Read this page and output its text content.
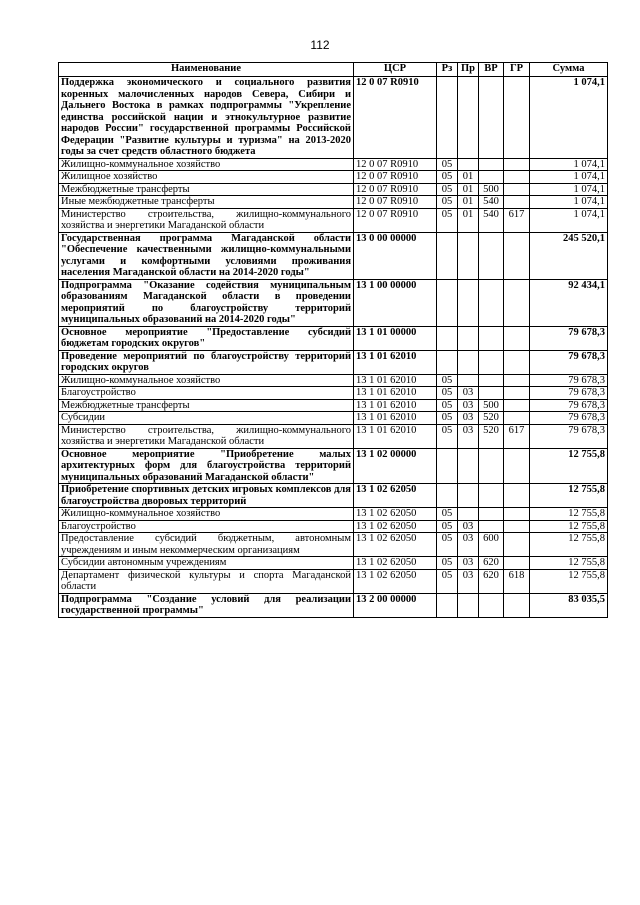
112
Наименование	ЦСР	Рз	Пр	ВР	ГР	Сумма
Поддержка экономического и социального развития коренных малочисленных народов Севера, Сибири и Дальнего Востока в рамках подпрограммы "Укрепление единства российской нации и этнокультурное развитие народов России" государственной программы Российской Федерации "Развитие культуры и туризма" на 2013-2020 годы за счет средств областного бюджета	12 0 07 R0910					1 074,1
Жилищно-коммунальное хозяйство	12 0 07 R0910	05				1 074,1
Жилищное хозяйство	12 0 07 R0910	05	01			1 074,1
Межбюджетные трансферты	12 0 07 R0910	05	01	500		1 074,1
Иные межбюджетные трансферты	12 0 07 R0910	05	01	540		1 074,1
Министерство строительства, жилищно-коммунального хозяйства и энергетики Магаданской области	12 0 07 R0910	05	01	540	617	1 074,1
Государственная программа Магаданской области "Обеспечение качественными жилищно-коммунальными услугами и комфортными условиями проживания населения Магаданской области на 2014-2020 годы"	13 0 00 00000					245 520,1
Подпрограмма "Оказание содействия муниципальным образованиям Магаданской области в проведении мероприятий по благоустройству территорий муниципальных образований на 2014-2020 годы"	13 1 00 00000					92 434,1
Основное мероприятие "Предоставление субсидий бюджетам городских округов"	13 1 01 00000					79 678,3
Проведение мероприятий по благоустройству территорий городских округов	13 1 01 62010					79 678,3
Жилищно-коммунальное хозяйство	13 1 01 62010	05				79 678,3
Благоустройство	13 1 01 62010	05	03			79 678,3
Межбюджетные трансферты	13 1 01 62010	05	03	500		79 678,3
Субсидии	13 1 01 62010	05	03	520		79 678,3
Министерство строительства, жилищно-коммунального хозяйства и энергетики Магаданской области	13 1 01 62010	05	03	520	617	79 678,3
Основное мероприятие "Приобретение малых архитектурных форм для благоустройства территорий муниципальных образований Магаданской области"	13 1 02 00000					12 755,8
Приобретение спортивных детских игровых комплексов для благоустройства дворовых территорий	13 1 02 62050					12 755,8
Жилищно-коммунальное хозяйство	13 1 02 62050	05				12 755,8
Благоустройство	13 1 02 62050	05	03			12 755,8
Предоставление субсидий бюджетным, автономным учреждениям и иным некоммерческим организациям	13 1 02 62050	05	03	600		12 755,8
Субсидии автономным учреждениям	13 1 02 62050	05	03	620		12 755,8
Департамент физической культуры и спорта Магаданской области	13 1 02 62050	05	03	620	618	12 755,8
Подпрограмма "Создание условий для реализации государственной программы"	13 2 00 00000					83 035,5
